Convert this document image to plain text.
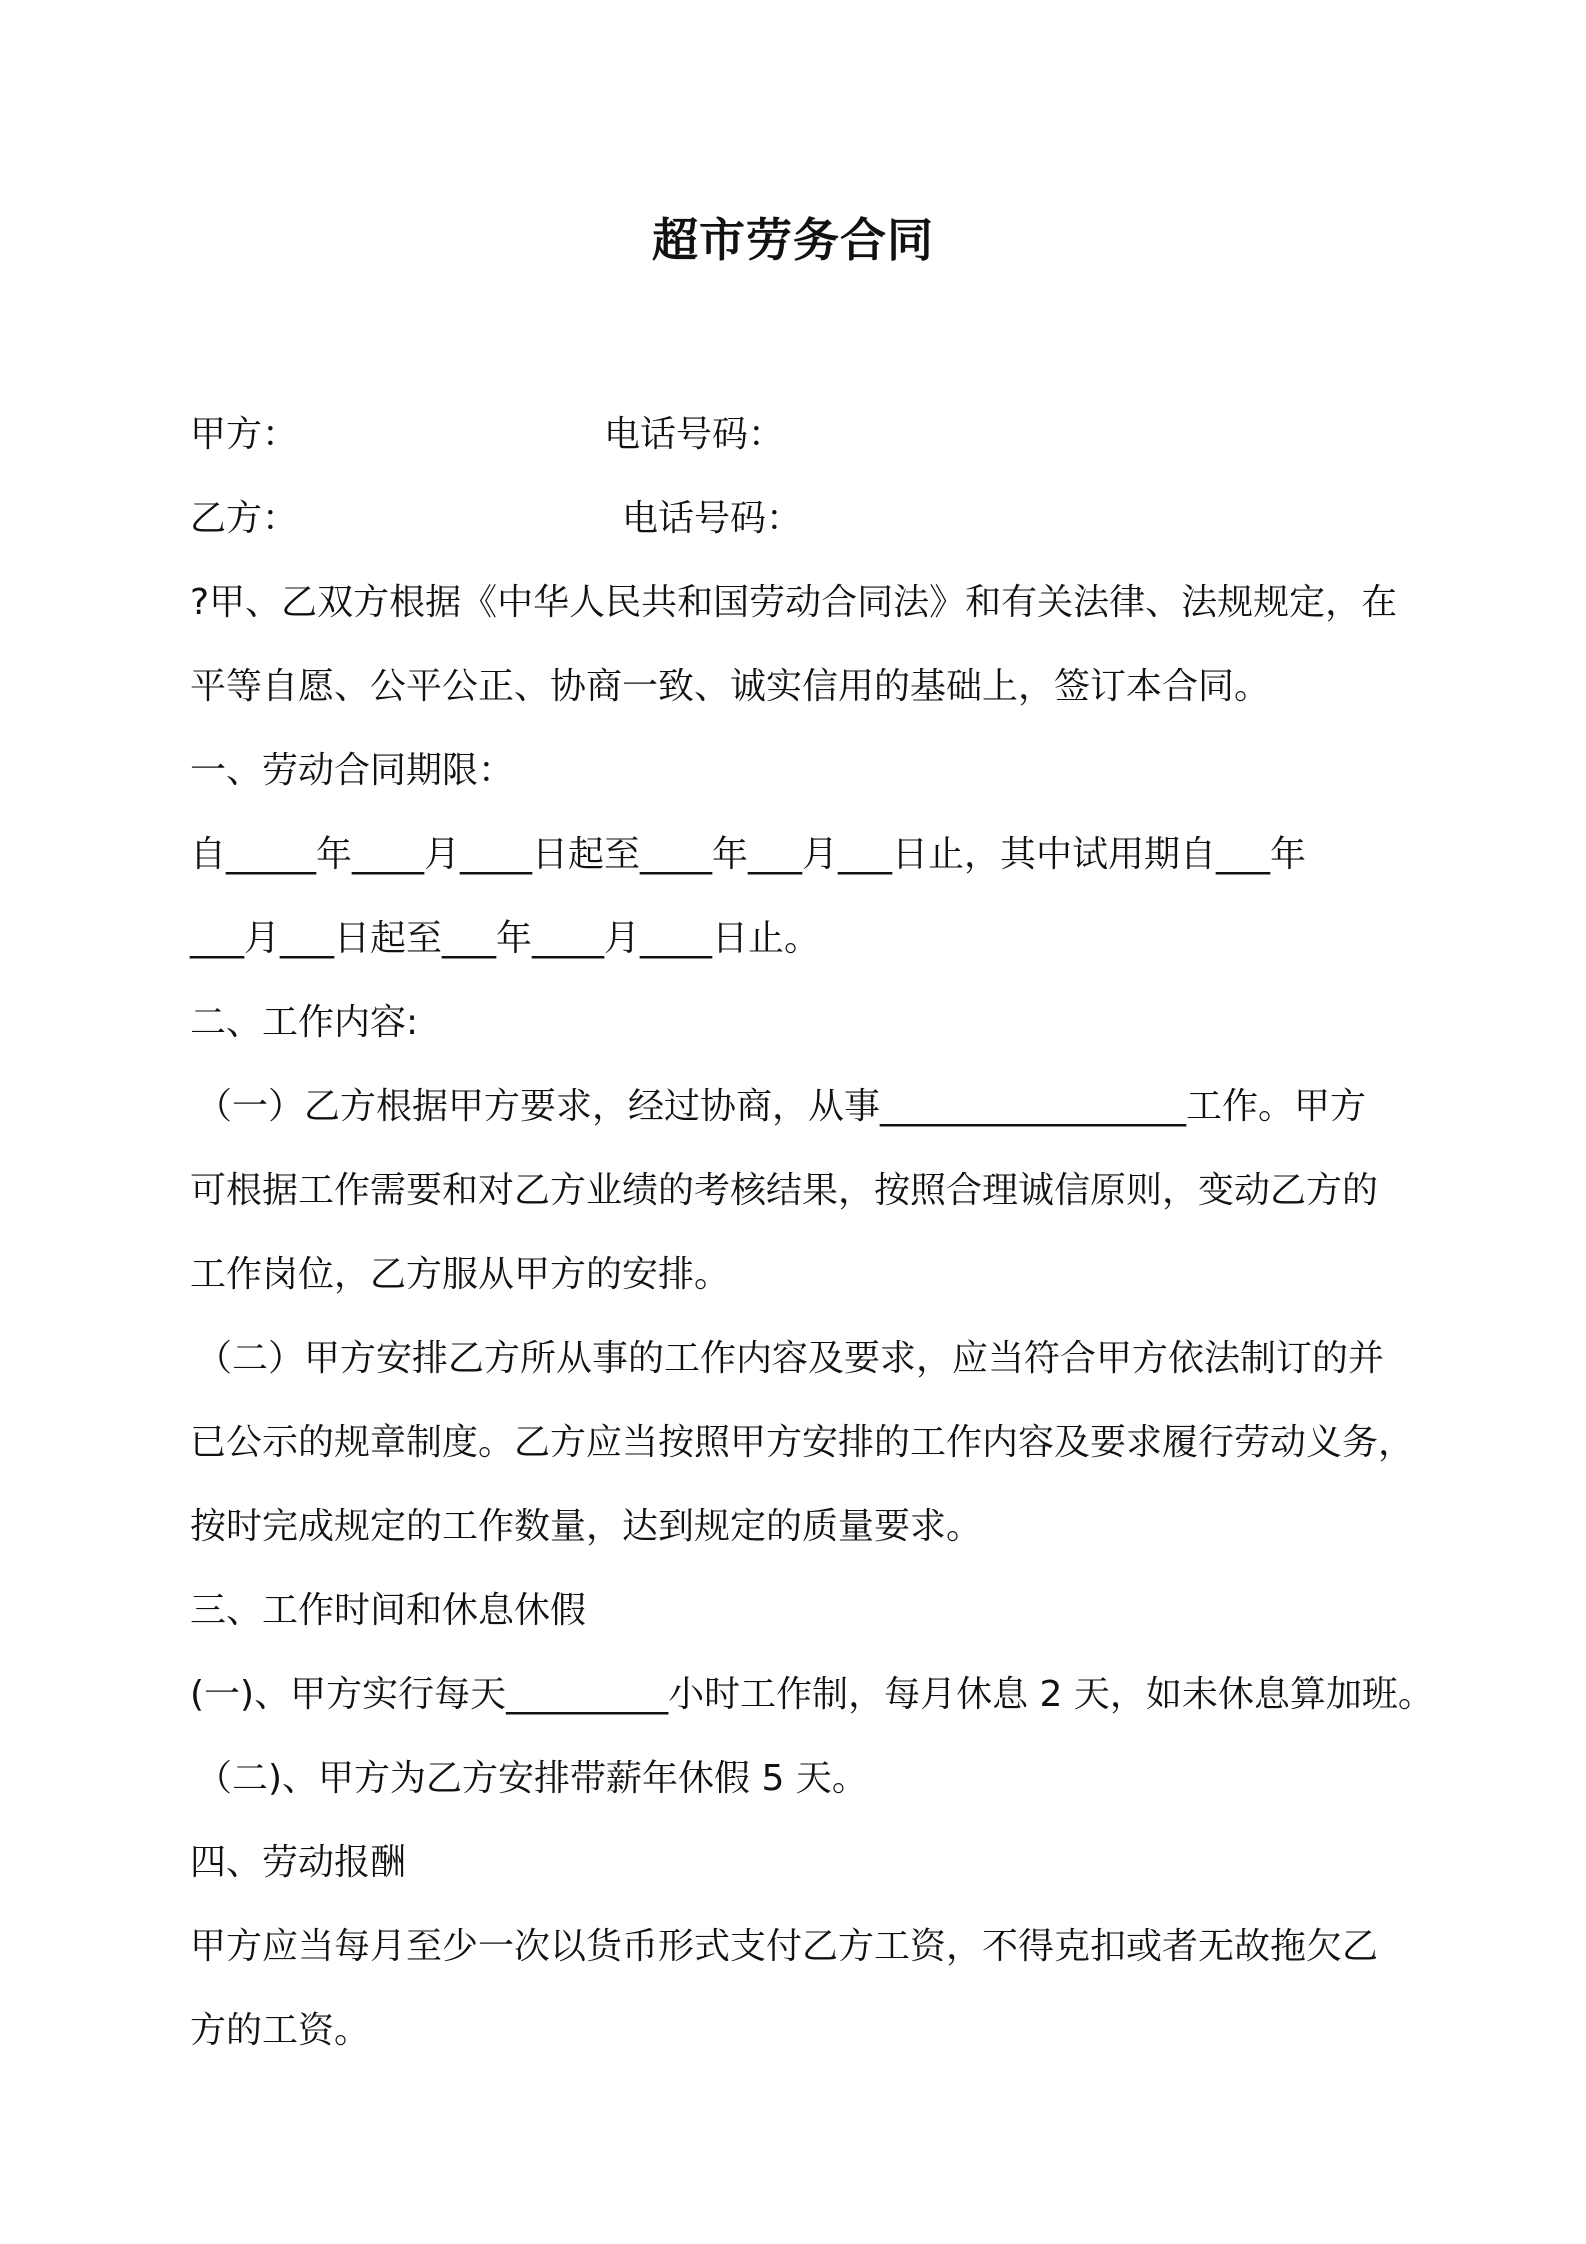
超市劳务合同
甲方：	电话号码：
乙方：	电话号码：
?甲、乙双方根据《中华人民共和国劳动合同法》和有关法律、法规规定，在
平等自愿、公平公正、协商一致、诚实信用的基础上，签订本合同。
一、劳动合同期限：
自_____年____月____日起至____年___月___日止，其中试用期自___年
___月___日起至___年____月____日止。
二、工作内容:
（一）乙方根据甲方要求，经过协商，从事_________________工作。甲方
可根据工作需要和对乙方业绩的考核结果，按照合理诚信原则，变动乙方的
工作岗位，乙方服从甲方的安排。
（二）甲方安排乙方所从事的工作内容及要求，应当符合甲方依法制订的并
已公示的规章制度。乙方应当按照甲方安排的工作内容及要求履行劳动义务，
按时完成规定的工作数量，达到规定的质量要求。
三、工作时间和休息休假
(一)、甲方实行每天_________小时工作制，每月休息 2 天，如未休息算加班。
（二)、甲方为乙方安排带薪年休假 5 天。
四、劳动报酬
甲方应当每月至少一次以货币形式支付乙方工资，不得克扣或者无故拖欠乙
方的工资。
